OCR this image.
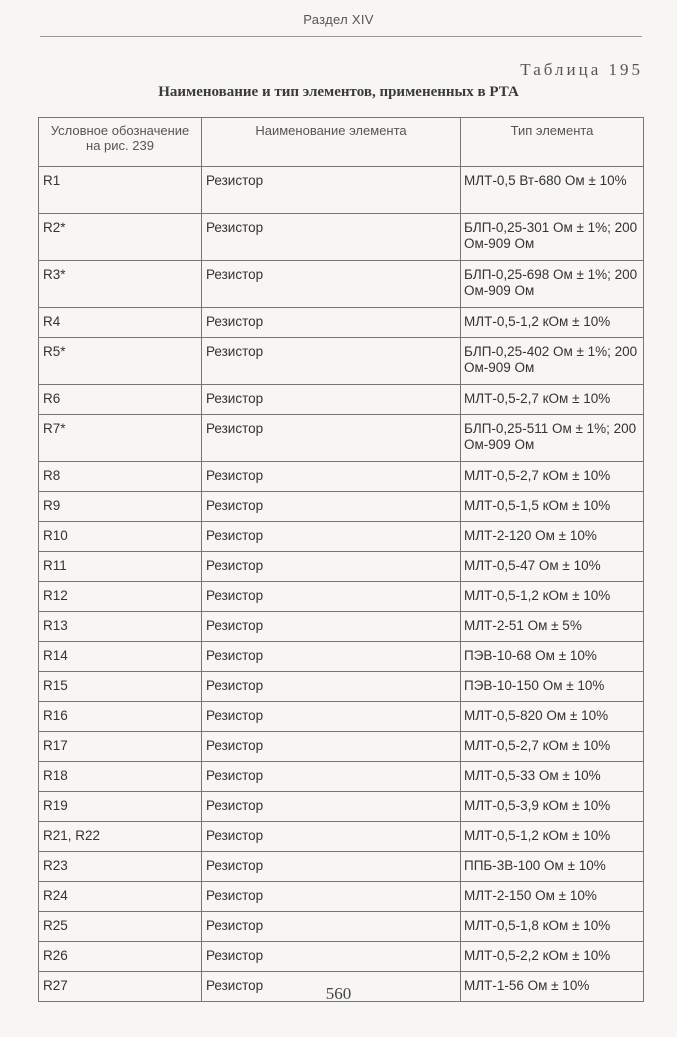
Раздел XIV
Таблица 195
Наименование и тип элементов, примененных в РТА
Условное обозначение на рис. 239	Наименование элемента	Тип элемента
R1	Резистор	МЛТ-0,5 Вт-680 Ом ± 10%
R2*	Резистор	БЛП-0,25-301 Ом ± 1%; 200 Ом-909 Ом
R3*	Резистор	БЛП-0,25-698 Ом ± 1%; 200 Ом-909 Ом
R4	Резистор	МЛТ-0,5-1,2 кОм ± 10%
R5*	Резистор	БЛП-0,25-402 Ом ± 1%; 200 Ом-909 Ом
R6	Резистор	МЛТ-0,5-2,7 кОм ± 10%
R7*	Резистор	БЛП-0,25-511 Ом ± 1%; 200 Ом-909 Ом
R8	Резистор	МЛТ-0,5-2,7 кОм ± 10%
R9	Резистор	МЛТ-0,5-1,5 кОм ± 10%
R10	Резистор	МЛТ-2-120 Ом ± 10%
R11	Резистор	МЛТ-0,5-47 Ом ± 10%
R12	Резистор	МЛТ-0,5-1,2 кОм ± 10%
R13	Резистор	МЛТ-2-51 Ом ± 5%
R14	Резистор	ПЭВ-10-68 Ом ± 10%
R15	Резистор	ПЭВ-10-150 Ом ± 10%
R16	Резистор	МЛТ-0,5-820 Ом ± 10%
R17	Резистор	МЛТ-0,5-2,7 кОм ± 10%
R18	Резистор	МЛТ-0,5-33 Ом ± 10%
R19	Резистор	МЛТ-0,5-3,9 кОм ± 10%
R21, R22	Резистор	МЛТ-0,5-1,2 кОм ± 10%
R23	Резистор	ППБ-3В-100 Ом ± 10%
R24	Резистор	МЛТ-2-150 Ом ± 10%
R25	Резистор	МЛТ-0,5-1,8 кОм ± 10%
R26	Резистор	МЛТ-0,5-2,2 кОм ± 10%
R27	Резистор	МЛТ-1-56 Ом ± 10%
560
